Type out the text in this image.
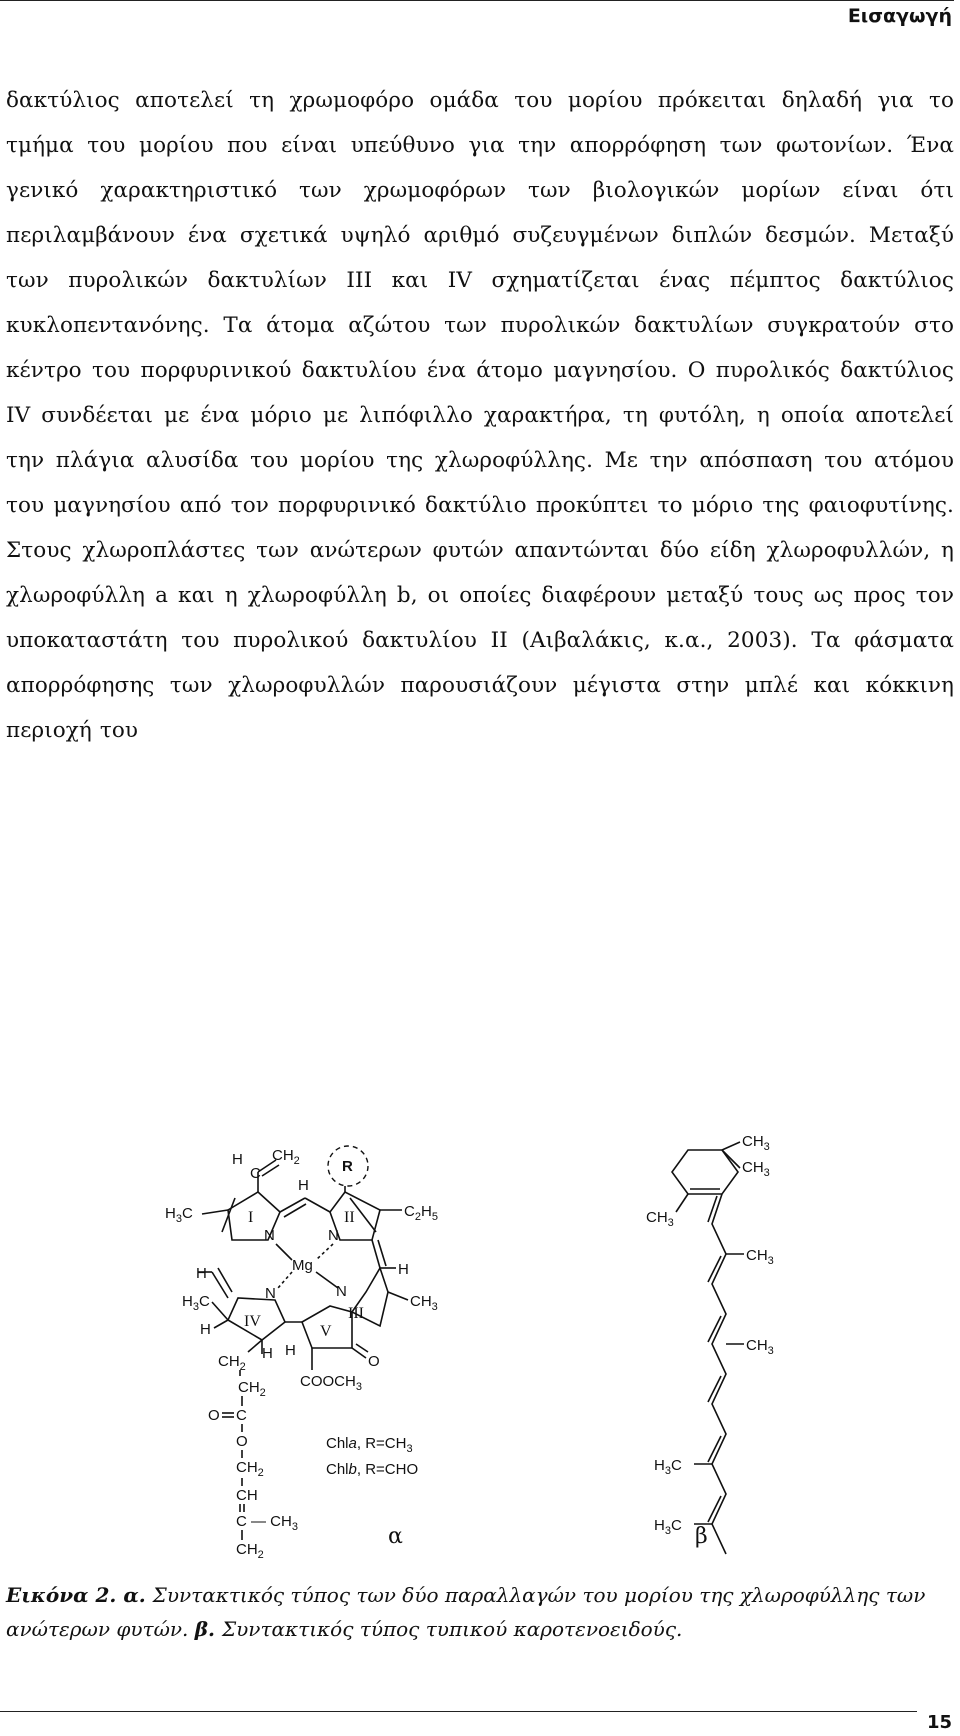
Εισαγωγή

δακτύλιος αποτελεί τη χρωμοφόρο ομάδα του μορίου πρόκειται δηλαδή για το τμήμα του μορίου που είναι υπεύθυνο για την απορρόφηση των φωτονίων. Ένα γενικό χαρακτηριστικό των χρωμοφόρων των βιολογικών μορίων είναι ότι περιλαμβάνουν ένα σχετικά υψηλό αριθμό συζευγμένων διπλών δεσμών. Μεταξύ των πυρολικών δακτυλίων ΙΙΙ και IV σχηματίζεται ένας πέμπτος δακτύλιος κυκλοπεντανόνης. Τα άτομα αζώτου των πυρολικών δακτυλίων συγκρατούν στο κέντρο του πορφυρινικού δακτυλίου ένα άτομο μαγνησίου. Ο πυρολικός δακτύλιος IV συνδέεται με ένα μόριο με λιπόφιλλο χαρακτήρα, τη φυτόλη, η οποία αποτελεί την πλάγια αλυσίδα του μορίου της χλωροφύλλης. Με την απόσπαση του ατόμου του μαγνησίου από τον πορφυρινικό δακτύλιο προκύπτει το μόριο της φαιοφυτίνης. Στους χλωροπλάστες των ανώτερων φυτών απαντώνται δύο είδη χλωροφυλλών, η χλωροφύλλη a και η χλωροφύλλη b, οι οποίες διαφέρουν μεταξύ τους ως προς τον υποκαταστάτη του πυρολικού δακτυλίου ΙΙ (Αιβαλάκις, κ.α., 2003). Τα φάσματα απορρόφησης των χλωροφυλλών παρουσιάζουν μέγιστα στην μπλέ και κόκκινη περιοχή του

H
C
$CH_2$
$H_3C$	I
N
H
R
II
N
$C_2H_5$
H
N
III
$CH_3$
V
O
$COOCH_3$
H
H
N
IV
$H_3C$
H
H
Mg
$CH_2$
$CH_2$
C
O
O
$CH_2$
CH
C — $CH_3$
$CH_2$
Chla, $R=CH_3$
Chlb, R=CHO
$CH_3$
$CH_3$
$CH_3$
$CH_3$
$CH_3$
$H_3C$
$H_3C$
α	β

Εικόνα 2. α. Συντακτικός τύπος των δύο παραλλαγών του μορίου της χλωροφύλλης των ανώτερων φυτών. β. Συντακτικός τύπος τυπικού καροτενοειδούς.

15
